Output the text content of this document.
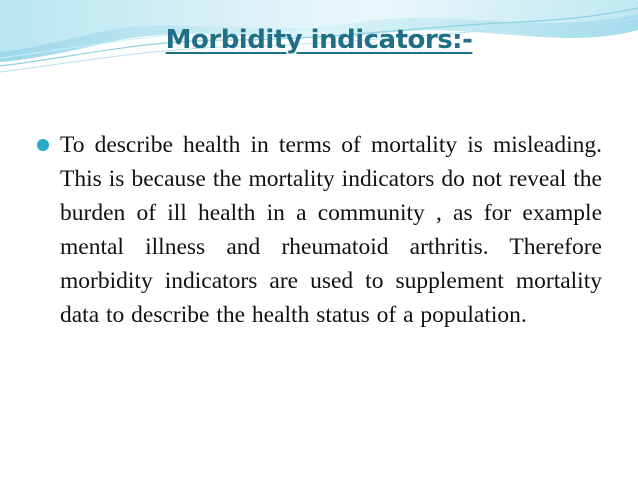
Morbidity indicators:-

To describe health in terms of mortality is misleading. This is because the mortality indicators do not reveal the burden of ill health in a community , as for example mental illness and rheumatoid arthritis. Therefore morbidity indicators are used to supplement mortality data to describe the health status of a population.
